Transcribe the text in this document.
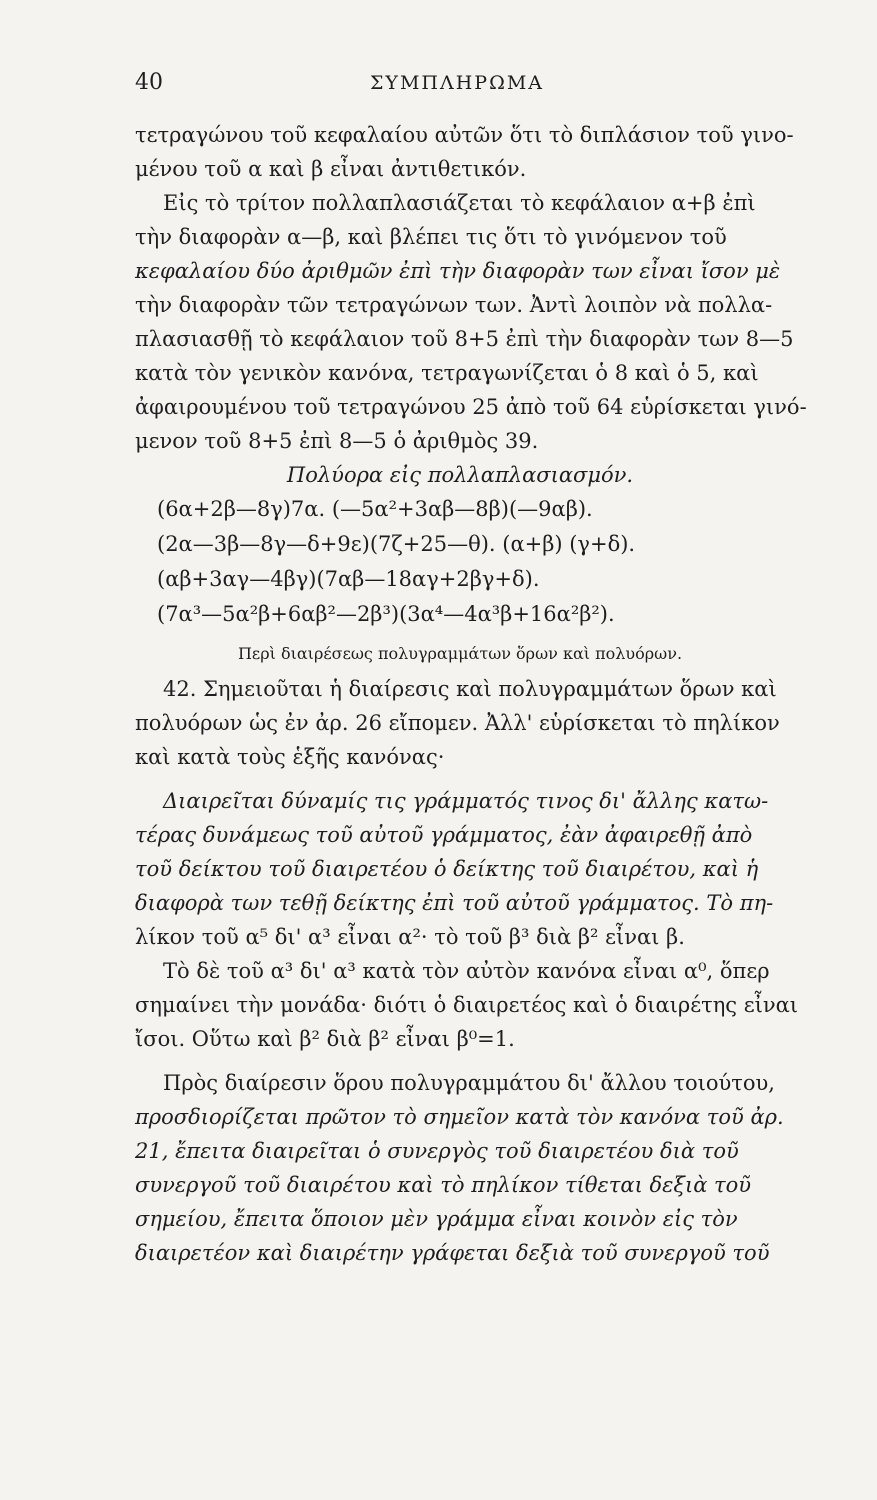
40	ΣΥΜΠΛΗΡΩΜΑ
τετραγώνου τοῦ κεφαλαίου αὐτῶν ὅτι τὸ διπλάσιον τοῦ γινο-
μένου τοῦ α καὶ β εἶναι ἀντιθετικόν.
Εἰς τὸ τρίτον πολλαπλασιάζεται τὸ κεφάλαιον α+β ἐπὶ
τὴν διαφορὰν α—β, καὶ βλέπει τις ὅτι τὸ γινόμενον τοῦ
κεφαλαίου δύο ἀριθμῶν ἐπὶ τὴν διαφορὰν των εἶναι ἴσον μὲ
τὴν διαφορὰν τῶν τετραγώνων των. Ἀντὶ λοιπὸν νὰ πολλα-
πλασιασθῇ τὸ κεφάλαιον τοῦ 8+5 ἐπὶ τὴν διαφορὰν των 8—5
κατὰ τὸν γενικὸν κανόνα, τετραγωνίζεται ὁ 8 καὶ ὁ 5, καὶ
ἀφαιρουμένου τοῦ τετραγώνου 25 ἀπὸ τοῦ 64 εὑρίσκεται γινό-
μενον τοῦ 8+5 ἐπὶ 8—5 ὁ ἀριθμὸς 39.
Πολύορα εἰς πολλαπλασιασμόν.
(6α+2β—8γ)7α. (—5α²+3αβ—8β)(—9αβ).
(2α—3β—8γ—δ+9ε)(7ζ+25—θ). (α+β) (γ+δ).
(αβ+3αγ—4βγ)(7αβ—18αγ+2βγ+δ).
(7α³—5α²β+6αβ²—2β³)(3α⁴—4α³β+16α²β²).
Περὶ διαιρέσεως πολυγραμμάτων ὅρων καὶ πολυόρων.
42. Σημειοῦται ἡ διαίρεσις καὶ πολυγραμμάτων ὅρων καὶ
πολυόρων ὡς ἐν ἀρ. 26 εἴπομεν. Ἀλλ' εὑρίσκεται τὸ πηλίκον
καὶ κατὰ τοὺς ἑξῆς κανόνας·
Διαιρεῖται δύναμίς τις γράμματός τινος δι' ἄλλης κατω-
τέρας δυνάμεως τοῦ αὐτοῦ γράμματος, ἐὰν ἀφαιρεθῇ ἀπὸ
τοῦ δείκτου τοῦ διαιρετέου ὁ δείκτης τοῦ διαιρέτου, καὶ ἡ
διαφορὰ των τεθῇ δείκτης ἐπὶ τοῦ αὐτοῦ γράμματος. Τὸ πη-
λίκον τοῦ α⁵ δι' α³ εἶναι α²· τὸ τοῦ β³ διὰ β² εἶναι β.
Τὸ δὲ τοῦ α³ δι' α³ κατὰ τὸν αὐτὸν κανόνα εἶναι α⁰, ὅπερ
σημαίνει τὴν μονάδα· διότι ὁ διαιρετέος καὶ ὁ διαιρέτης εἶναι
ἴσοι. Οὕτω καὶ β² διὰ β² εἶναι β⁰=1.
Πρὸς διαίρεσιν ὅρου πολυγραμμάτου δι' ἄλλου τοιούτου,
προσδιορίζεται πρῶτον τὸ σημεῖον κατὰ τὸν κανόνα τοῦ ἀρ.
21, ἔπειτα διαιρεῖται ὁ συνεργὸς τοῦ διαιρετέου διὰ τοῦ
συνεργοῦ τοῦ διαιρέτου καὶ τὸ πηλίκον τίθεται δεξιὰ τοῦ
σημείου, ἔπειτα ὅποιον μὲν γράμμα εἶναι κοινὸν εἰς τὸν
διαιρετέον καὶ διαιρέτην γράφεται δεξιὰ τοῦ συνεργοῦ τοῦ
